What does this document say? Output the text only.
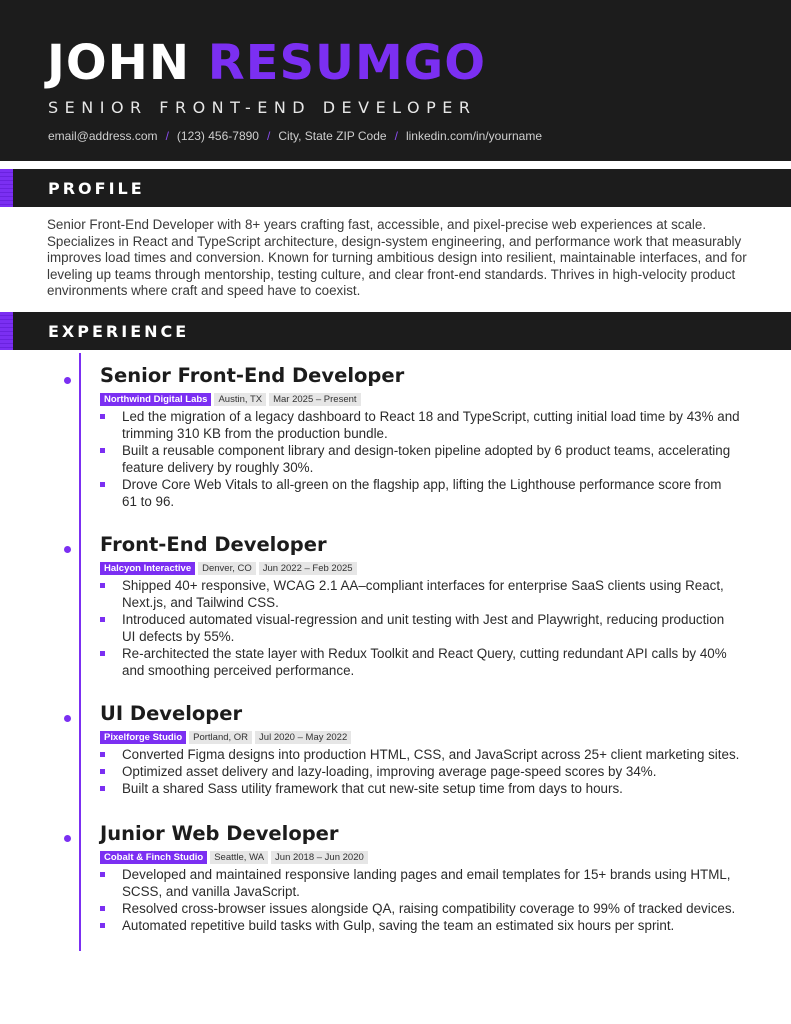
JOHN RESUMGO
SENIOR FRONT-END DEVELOPER
email@address.com / (123) 456-7890 / City, State ZIP Code / linkedin.com/in/yourname
PROFILE

Senior Front-End Developer with 8+ years crafting fast, accessible, and pixel-precise web experiences at scale. Specializes in React and TypeScript architecture, design-system engineering, and performance work that measurably improves load times and conversion. Known for turning ambitious design into resilient, maintainable interfaces, and for leveling up teams through mentorship, testing culture, and clear front-end standards. Thrives in high-velocity product environments where craft and speed have to coexist.

EXPERIENCE
Senior Front-End Developer
Northwind Digital Labs	Austin, TX	Mar 2025 – Present
Led the migration of a legacy dashboard to React 18 and TypeScript, cutting initial load time by 43% and trimming 310 KB from the production bundle.
Built a reusable component library and design-token pipeline adopted by 6 product teams, accelerating feature delivery by roughly 30%.
Drove Core Web Vitals to all-green on the flagship app, lifting the Lighthouse performance score from 61 to 96.
Front-End Developer
Halcyon Interactive	Denver, CO	Jun 2022 – Feb 2025
Shipped 40+ responsive, WCAG 2.1 AA–compliant interfaces for enterprise SaaS clients using React, Next.js, and Tailwind CSS.
Introduced automated visual-regression and unit testing with Jest and Playwright, reducing production UI defects by 55%.
Re-architected the state layer with Redux Toolkit and React Query, cutting redundant API calls by 40% and smoothing perceived performance.
UI Developer
Pixelforge Studio	Portland, OR	Jul 2020 – May 2022
Converted Figma designs into production HTML, CSS, and JavaScript across 25+ client marketing sites.
Optimized asset delivery and lazy-loading, improving average page-speed scores by 34%.
Built a shared Sass utility framework that cut new-site setup time from days to hours.
Junior Web Developer
Cobalt & Finch Studio	Seattle, WA	Jun 2018 – Jun 2020
Developed and maintained responsive landing pages and email templates for 15+ brands using HTML, SCSS, and vanilla JavaScript.
Resolved cross-browser issues alongside QA, raising compatibility coverage to 99% of tracked devices.
Automated repetitive build tasks with Gulp, saving the team an estimated six hours per sprint.
